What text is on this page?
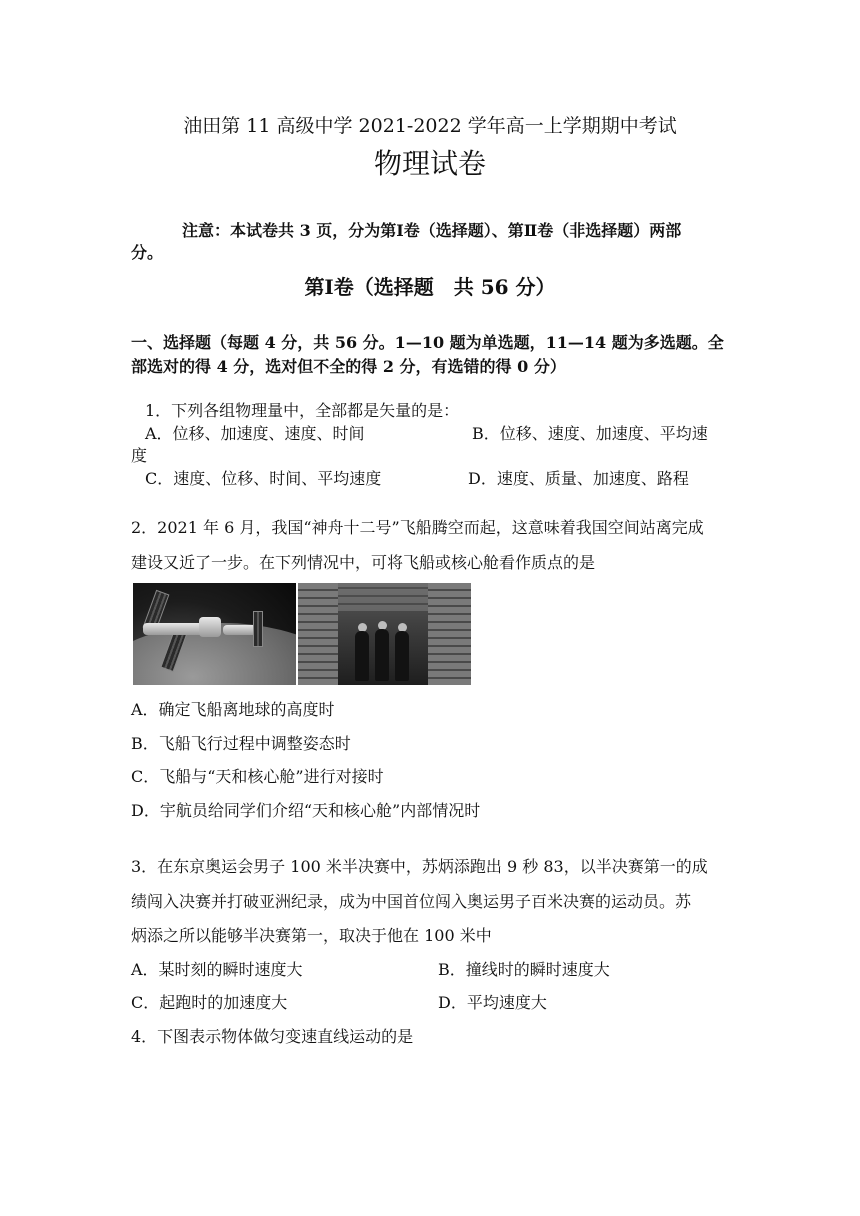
油田第 11 高级中学 2021-2022 学年高一上学期期中考试
物理试卷
注意：本试卷共 3 页，分为第Ⅰ卷（选择题）、第Ⅱ卷（非选择题）两部
分。
第Ⅰ卷（选择题　共 56 分）
一、选择题（每题 4 分，共 56 分。1—10 题为单选题，11—14 题为多选题。全
部选对的得 4 分，选对但不全的得 2 分，有选错的得 0 分）
1．下列各组物理量中，全部都是矢量的是：
A．位移、加速度、速度、时间	B．位移、速度、加速度、平均速
度
C．速度、位移、时间、平均速度	D．速度、质量、加速度、路程
2．2021 年 6 月，我国“神舟十二号”飞船腾空而起，这意味着我国空间站离完成
建设又近了一步。在下列情况中，可将飞船或核心舱看作质点的是
A．确定飞船离地球的高度时
B．飞船飞行过程中调整姿态时
C．飞船与“天和核心舱”进行对接时
D．宇航员给同学们介绍“天和核心舱”内部情况时
3．在东京奥运会男子 100 米半决赛中，苏炳添跑出 9 秒 83，以半决赛第一的成
绩闯入决赛并打破亚洲纪录，成为中国首位闯入奥运男子百米决赛的运动员。苏
炳添之所以能够半决赛第一，取决于他在 100 米中
A．某时刻的瞬时速度大	B．撞线时的瞬时速度大
C．起跑时的加速度大	D．平均速度大
4．下图表示物体做匀变速直线运动的是
